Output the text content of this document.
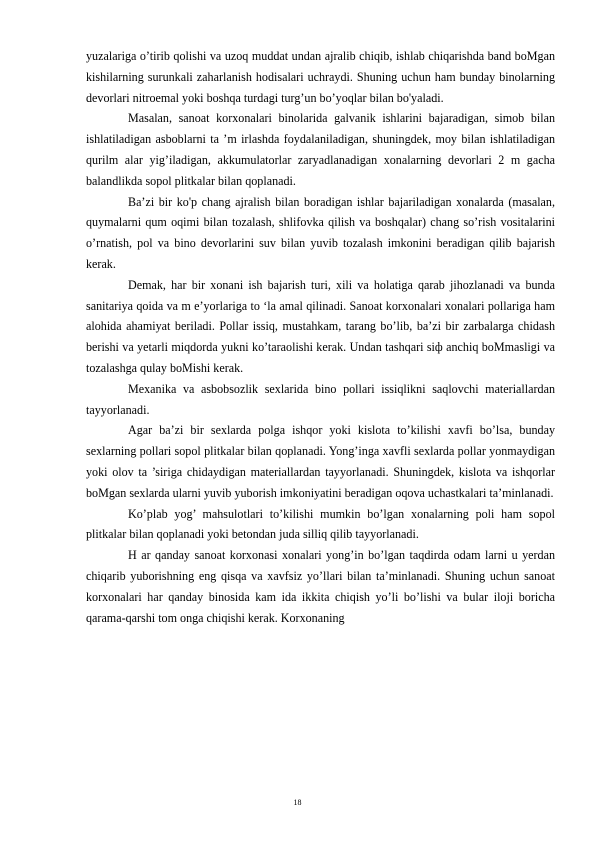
yuzalariga o’tirib qolishi va uzoq muddat undan ajralib chiqib, ishlab chiqarishda band boMgan kishilarning surunkali zaharlanish hodisalari uchraydi. Shuning uchun ham bunday binolarning devorlari nitroemal yoki boshqa turdagi turg’un bo’yoqlar bilan bo'yaladi.

Masalan, sanoat korxonalari binolarida galvanik ishlarini bajaradigan, simob bilan ishlatiladigan asboblarni ta ’m irlashda foydalaniladigan, shuningdek, moy bilan ishlatiladigan qurilm alar yig’iladigan, akkumulatorlar zaryadlanadigan xonalarning devorlari 2 m gacha balandlikda sopol plitkalar bilan qoplanadi.

Ba’zi bir ko'p chang ajralish bilan boradigan ishlar bajariladigan xonalarda (masalan, quymalarni qum oqimi bilan tozalash, shlifovka qilish va boshqalar) chang so’rish vositalarini o’rnatish, pol va bino devorlarini suv bilan yuvib tozalash imkonini beradigan qilib bajarish kerak.

Demak, har bir xonani ish bajarish turi, xili va holatiga qarab jihozlanadi va bunda sanitariya qoida va m e’yorlariga to ‘la amal qilinadi. Sanoat korxonalari xonalari pollariga ham alohida ahamiyat beriladi. Pollar issiq, mustahkam, tarang bo’lib, ba’zi bir zarbalarga chidash berishi va yetarli miqdorda yukni ko’taraolishi kerak. Undan tashqari siф anchiq boMmasligi va tozalashga qulay boMishi kerak.

Mexanika va asbobsozlik sexlarida bino pollari issiqlikni saqlovchi materiallardan tayyorlanadi.

Agar ba’zi bir sexlarda polga ishqor yoki kislota to’kilishi xavfi bo’lsa, bunday sexlarning pollari sopol plitkalar bilan qoplanadi. Yong’inga xavfli sexlarda pollar yonmaydigan yoki olov ta ’siriga chidaydigan materiallardan tayyorlanadi. Shuningdek, kislota va ishqorlar boMgan sexlarda ularni yuvib yuborish imkoniyatini beradigan oqova uchastkalari ta’minlanadi.

Ko’plab yog’ mahsulotlari to’kilishi mumkin bo’lgan xonalarning poli ham sopol plitkalar bilan qoplanadi yoki betondan juda silliq qilib tayyorlanadi.

H ar qanday sanoat korxonasi xonalari yong’in bo’lgan taqdirda odam larni u yerdan chiqarib yuborishning eng qisqa va xavfsiz yo’llari bilan ta’minlanadi. Shuning uchun sanoat korxonalari har qanday binosida kam ida ikkita chiqish yo’li bo’lishi va bular iloji boricha qarama-qarshi tom onga chiqishi kerak. Korxonaning

18
